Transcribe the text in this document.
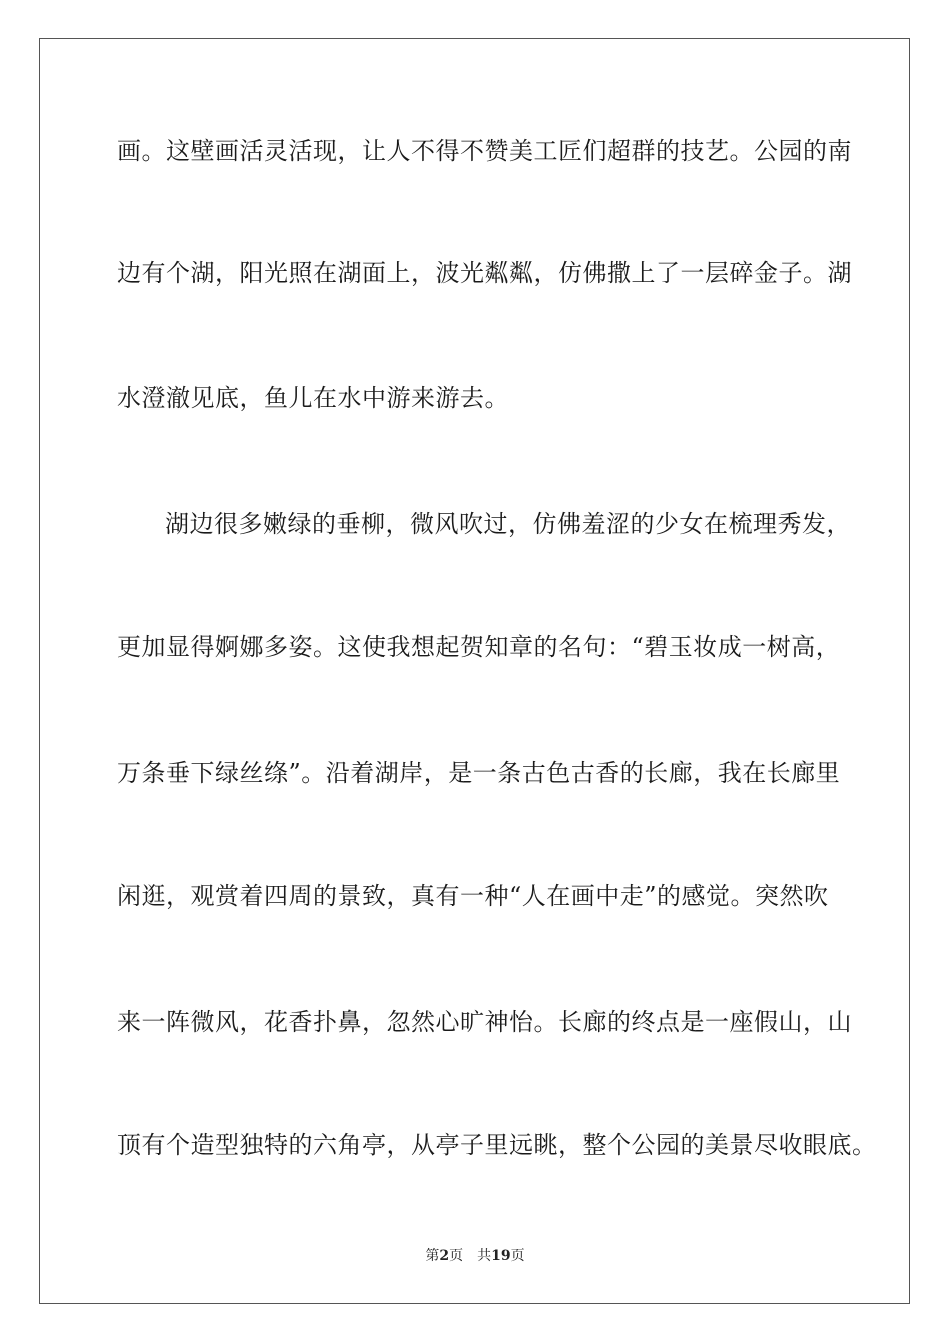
画。这壁画活灵活现，让人不得不赞美工匠们超群的技艺。公园的南
边有个湖，阳光照在湖面上，波光粼粼，仿佛撒上了一层碎金子。湖
水澄澈见底，鱼儿在水中游来游去。
湖边很多嫩绿的垂柳，微风吹过，仿佛羞涩的少女在梳理秀发，
更加显得婀娜多姿。这使我想起贺知章的名句：“碧玉妆成一树高，
万条垂下绿丝绦”。沿着湖岸，是一条古色古香的长廊，我在长廊里
闲逛，观赏着四周的景致，真有一种“人在画中走”的感觉。突然吹
来一阵微风，花香扑鼻，忽然心旷神怡。长廊的终点是一座假山，山
顶有个造型独特的六角亭，从亭子里远眺，整个公园的美景尽收眼底。
第2页 共19页
